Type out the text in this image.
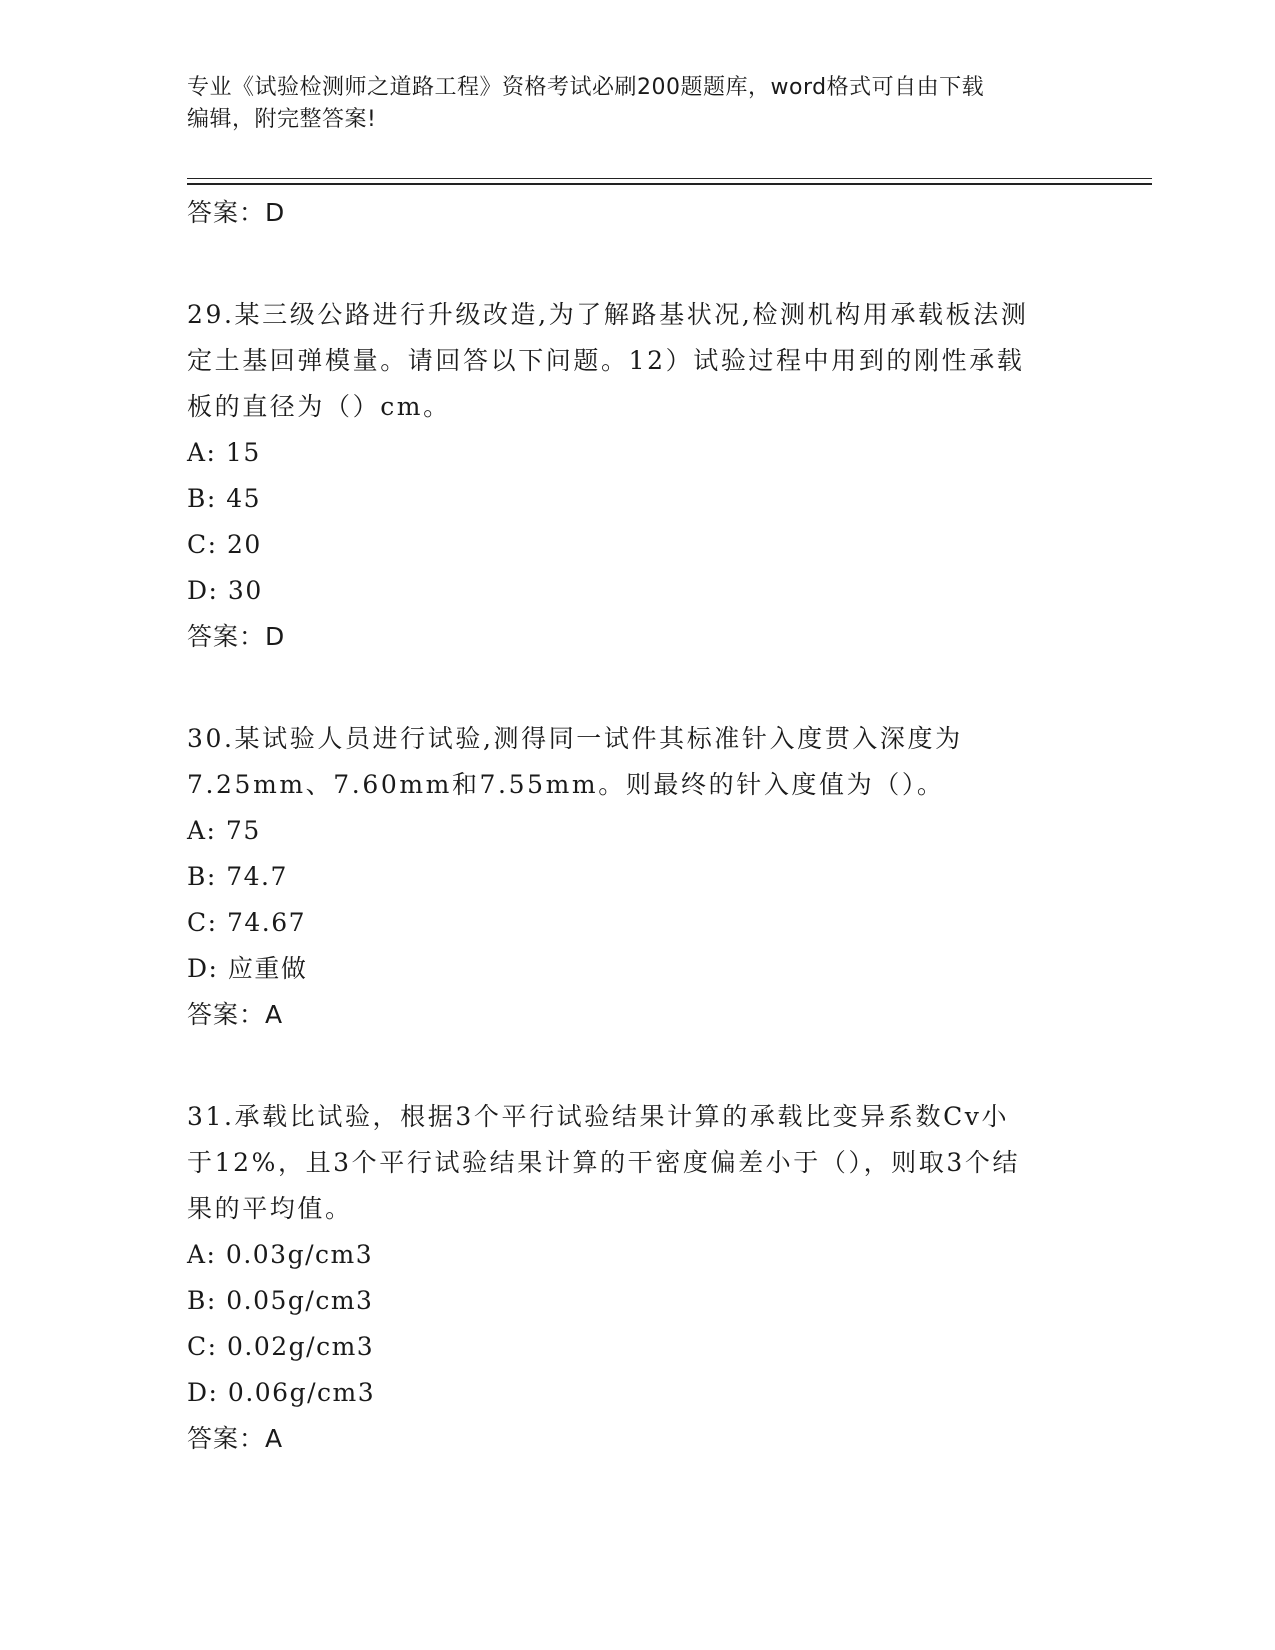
专业《试验检测师之道路工程》资格考试必刷200题题库，word格式可自由下载
编辑，附完整答案!
答案：D
29.某三级公路进行升级改造,为了解路基状况,检测机构用承载板法测
定土基回弹模量。请回答以下问题。12）试验过程中用到的刚性承载
板的直径为（）cm。
A: 15
B: 45
C: 20
D: 30
答案：D
30.某试验人员进行试验,测得同一试件其标准针入度贯入深度为
7.25mm、7.60mm和7.55mm。则最终的针入度值为（）。
A: 75
B: 74.7
C: 74.67
D: 应重做
答案：A
31.承载比试验，根据3个平行试验结果计算的承载比变异系数Cv小
于12%，且3个平行试验结果计算的干密度偏差小于（），则取3个结
果的平均值。
A: 0.03g/cm3
B: 0.05g/cm3
C: 0.02g/cm3
D: 0.06g/cm3
答案：A
